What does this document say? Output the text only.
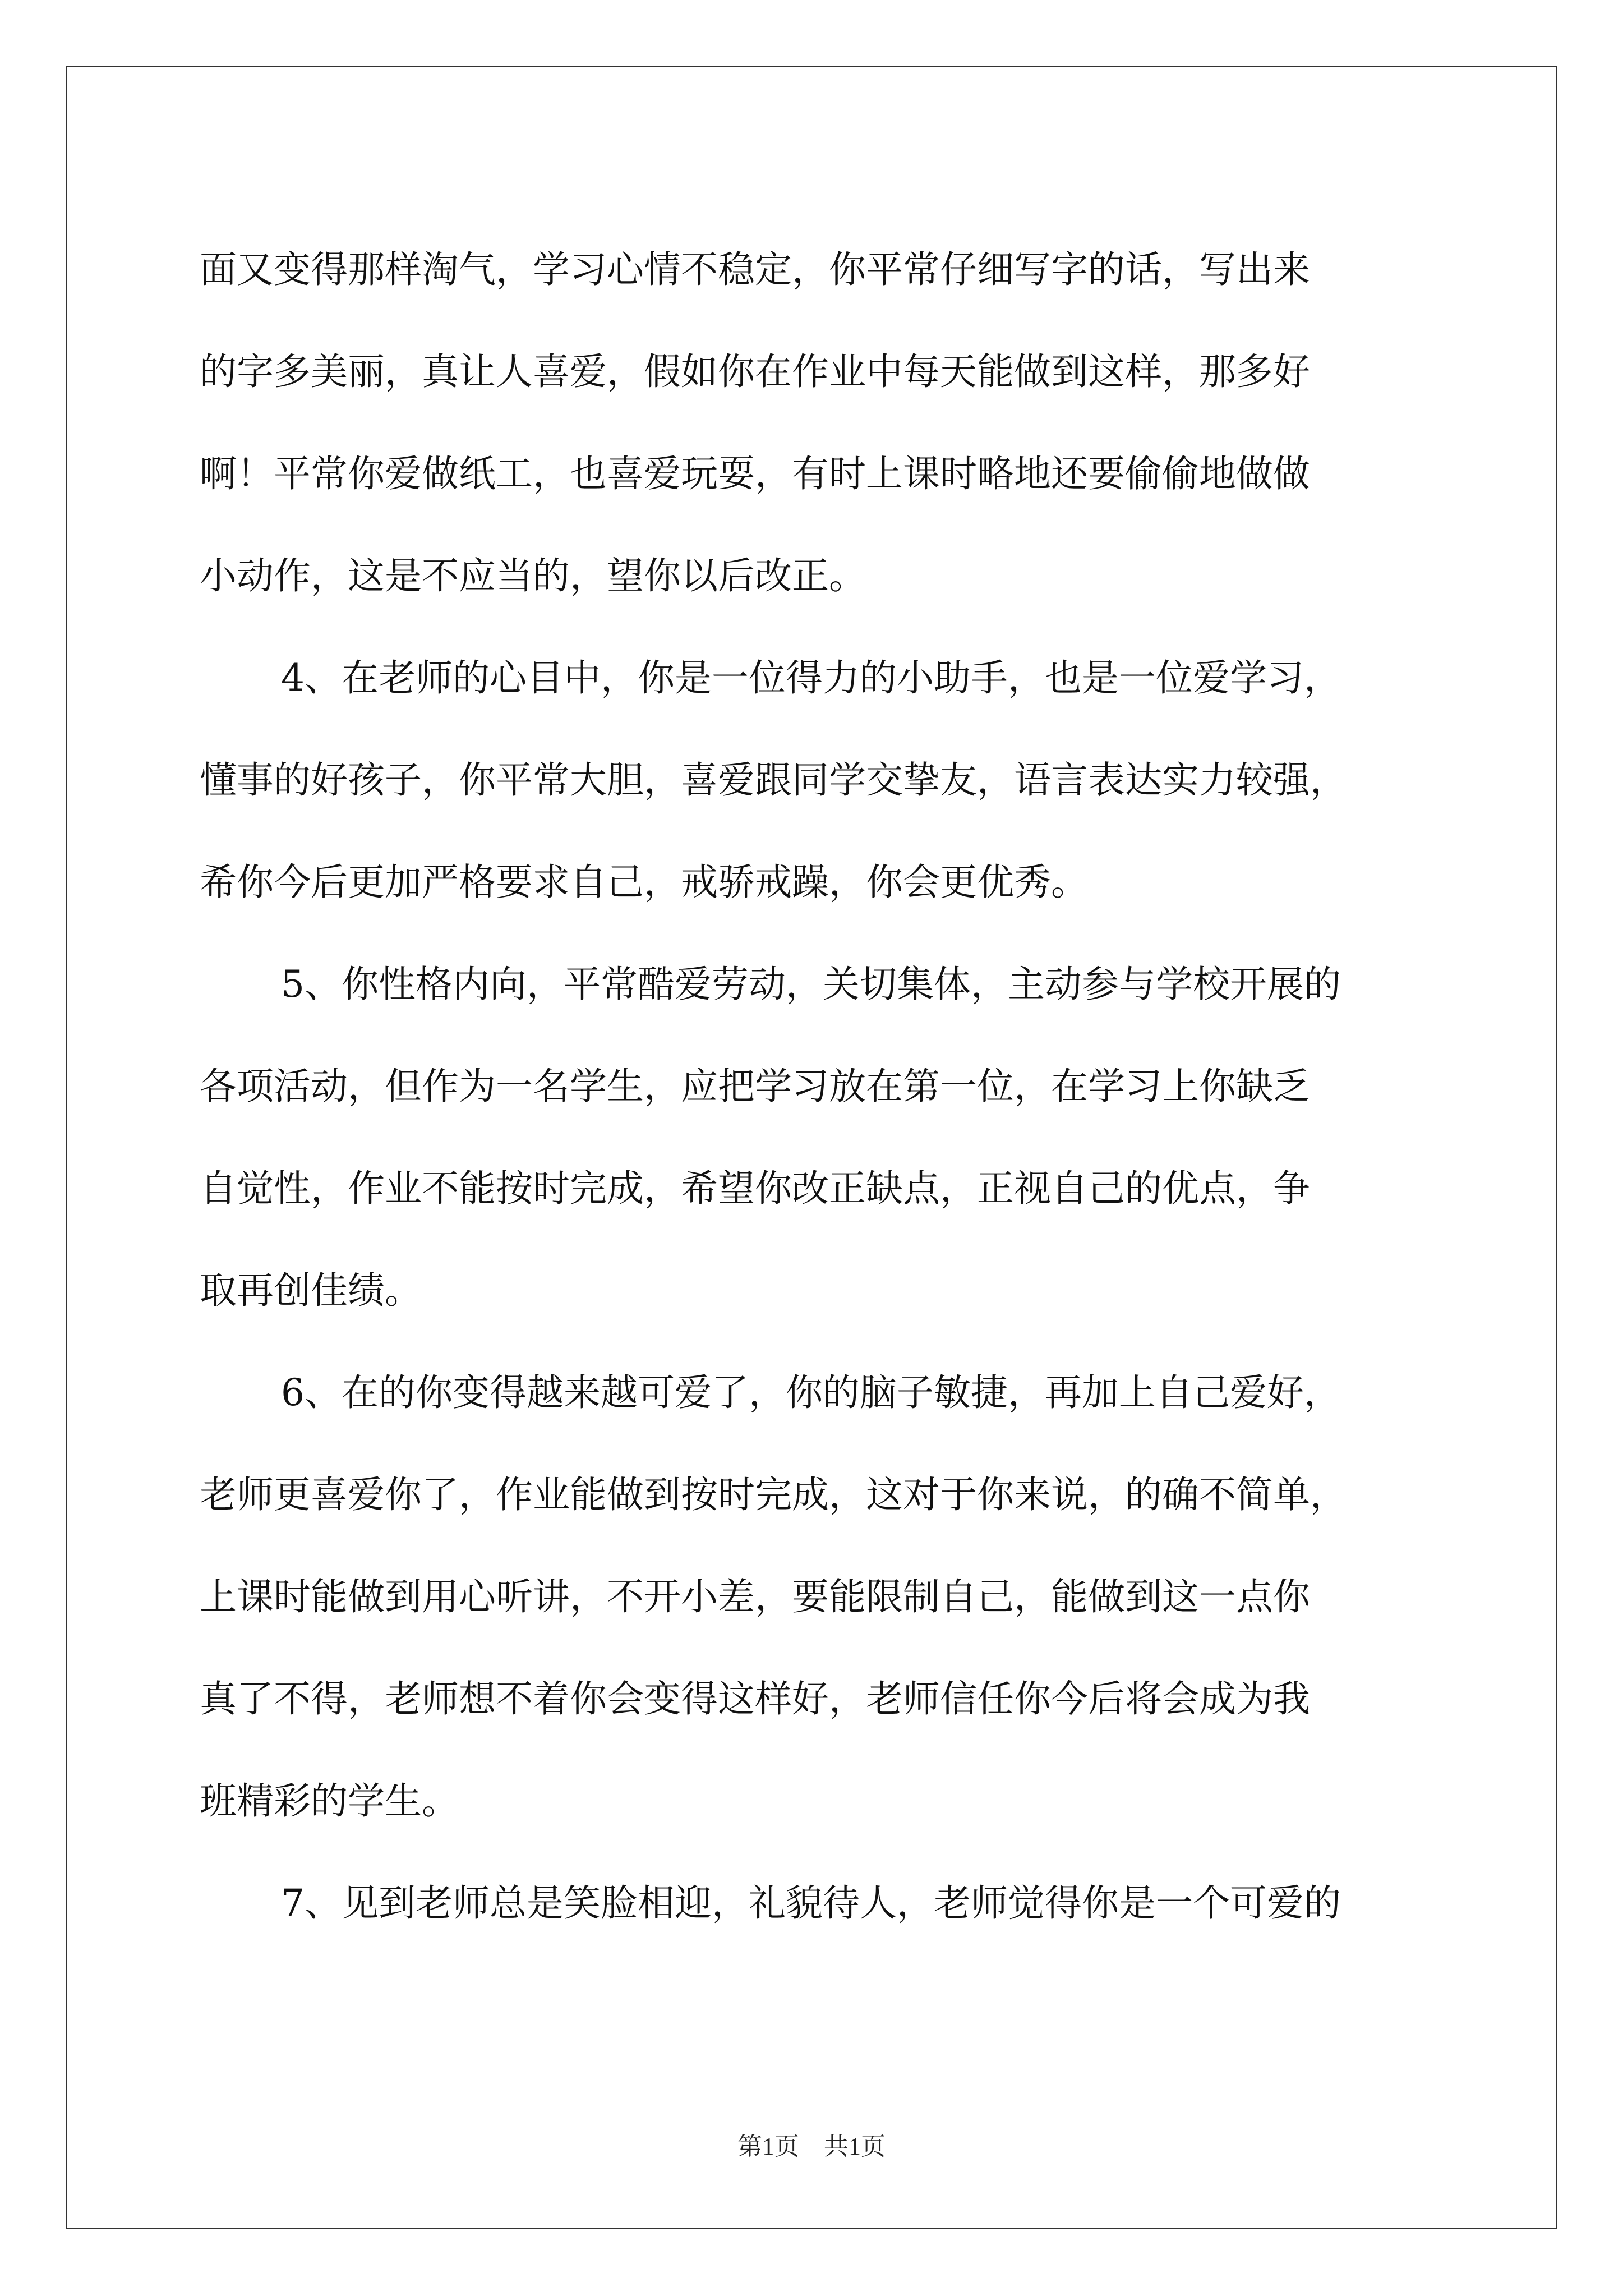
面又变得那样淘气，学习心情不稳定，你平常仔细写字的话，写出来
的字多美丽，真让人喜爱，假如你在作业中每天能做到这样，那多好
啊！平常你爱做纸工，也喜爱玩耍，有时上课时略地还要偷偷地做做
小动作，这是不应当的，望你以后改正。
4、在老师的心目中，你是一位得力的小助手，也是一位爱学习，
懂事的好孩子，你平常大胆，喜爱跟同学交挚友，语言表达实力较强，
希你今后更加严格要求自己，戒骄戒躁，你会更优秀。
5、你性格内向，平常酷爱劳动，关切集体，主动参与学校开展的
各项活动，但作为一名学生，应把学习放在第一位，在学习上你缺乏
自觉性，作业不能按时完成，希望你改正缺点，正视自己的优点，争
取再创佳绩。
6、在的你变得越来越可爱了，你的脑子敏捷，再加上自己爱好，
老师更喜爱你了，作业能做到按时完成，这对于你来说，的确不简单，
上课时能做到用心听讲，不开小差，要能限制自己，能做到这一点你
真了不得，老师想不着你会变得这样好，老师信任你今后将会成为我
班精彩的学生。
7、见到老师总是笑脸相迎，礼貌待人，老师觉得你是一个可爱的
第1页　共1页
